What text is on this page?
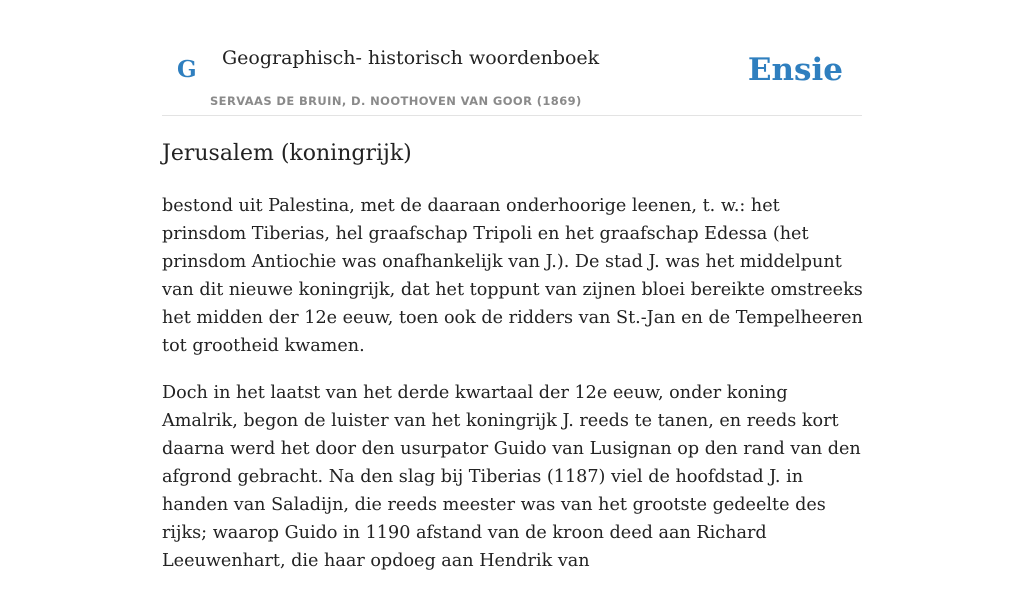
G Geographisch- historisch woordenboek
SERVAAS DE BRUIN, D. NOOTHOVEN VAN GOOR (1869)
Ensie
Jerusalem (koningrijk)

bestond uit Palestina, met de daaraan onderhoorige leenen, t. w.: het prinsdom Tiberias, hel graafschap Tripoli en het graafschap Edessa (het prinsdom Antiochie was onafhankelijk van J.). De stad J. was het middelpunt van dit nieuwe koningrijk, dat het toppunt van zijnen bloei bereikte omstreeks het midden der 12e eeuw, toen ook de ridders van St.-Jan en de Tempelheeren tot grootheid kwamen.

Doch in het laatst van het derde kwartaal der 12e eeuw, onder koning Amalrik, begon de luister van het koningrijk J. reeds te tanen, en reeds kort daarna werd het door den usurpator Guido van Lusignan op den rand van den afgrond gebracht. Na den slag bij Tiberias (1187) viel de hoofdstad J. in handen van Saladijn, die reeds meester was van het grootste gedeelte des rijks; waarop Guido in 1190 afstand van de kroon deed aan Richard Leeuwenhart, die haar opdoeg aan Hendrik van
